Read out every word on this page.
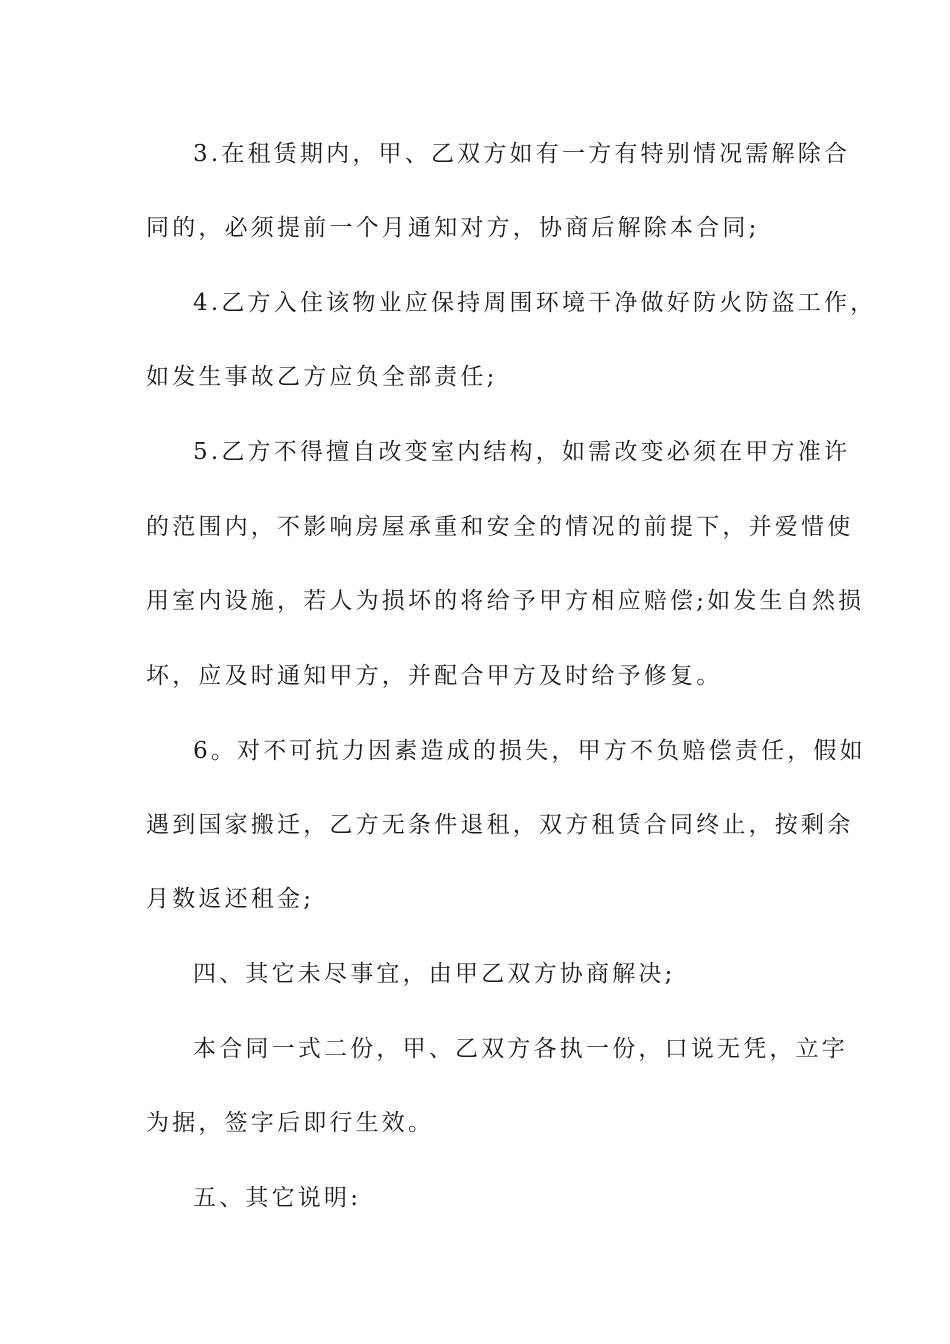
3.在租赁期内，甲、乙双方如有一方有特别情况需解除合
同的，必须提前一个月通知对方，协商后解除本合同;
4.乙方入住该物业应保持周围环境干净做好防火防盗工作，
如发生事故乙方应负全部责任;
5.乙方不得擅自改变室内结构，如需改变必须在甲方准许
的范围内，不影响房屋承重和安全的情况的前提下，并爱惜使
用室内设施，若人为损坏的将给予甲方相应赔偿;如发生自然损
坏，应及时通知甲方，并配合甲方及时给予修复。
6。对不可抗力因素造成的损失，甲方不负赔偿责任，假如
遇到国家搬迁，乙方无条件退租，双方租赁合同终止，按剩余
月数返还租金;
四、其它未尽事宜，由甲乙双方协商解决;
本合同一式二份，甲、乙双方各执一份，口说无凭，立字
为据，签字后即行生效。
五、其它说明:
